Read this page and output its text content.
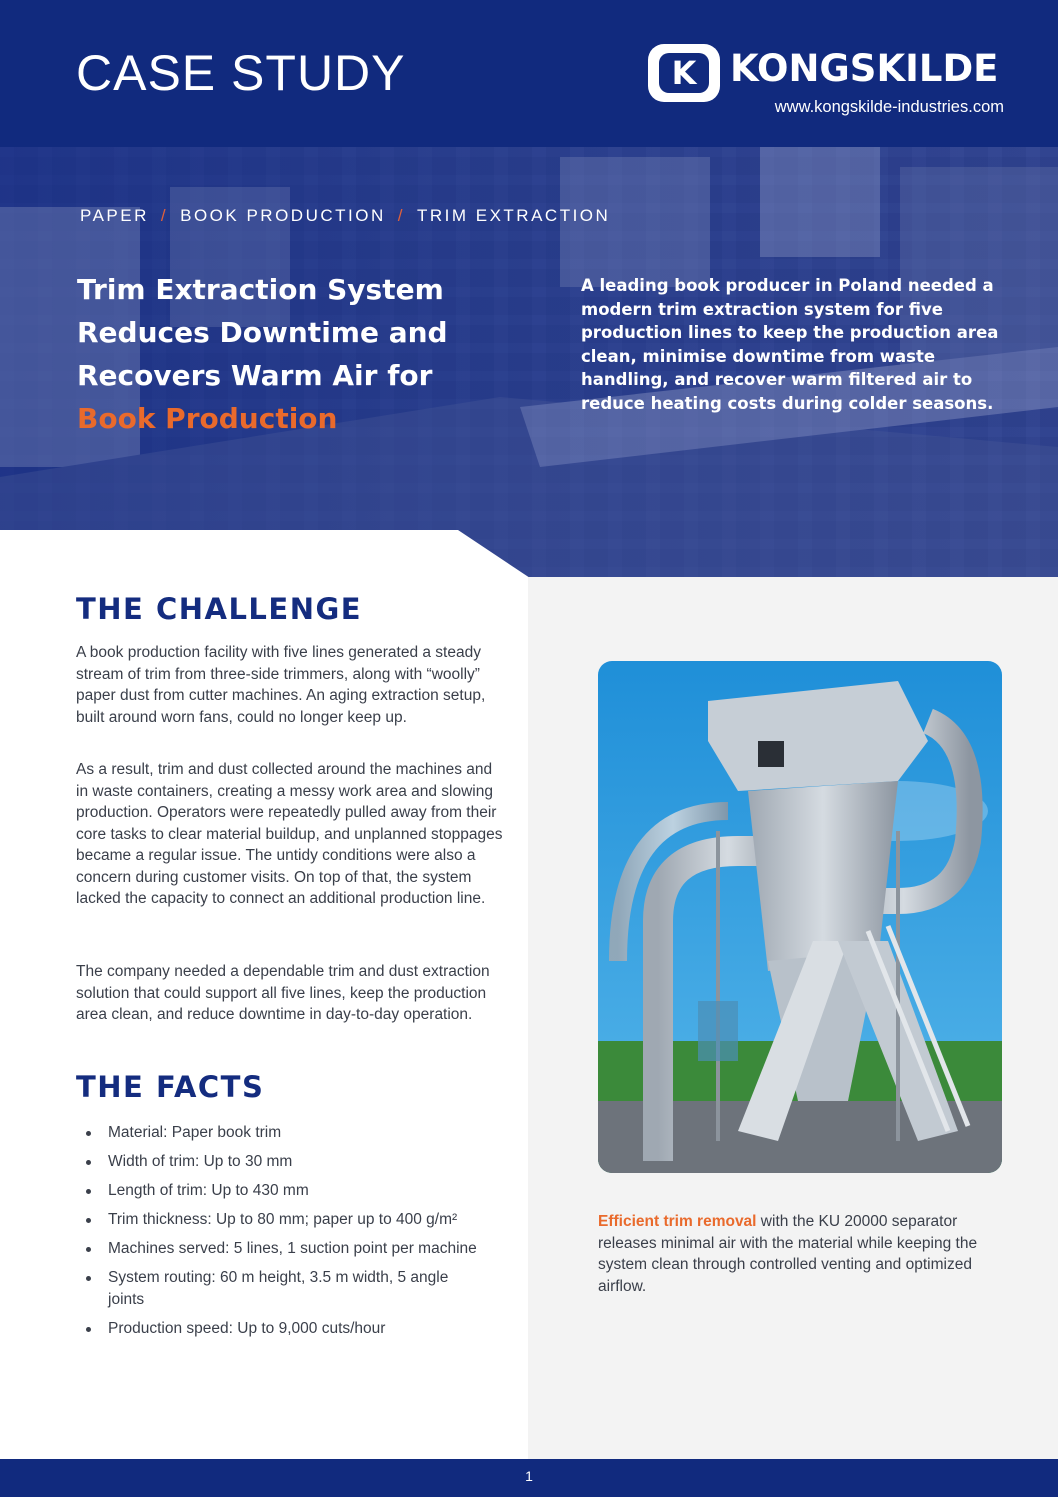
CASE STUDY	K KONGSKILDE

www.kongskilde-industries.com

PAPER / BOOK PRODUCTION / TRIM EXTRACTION

Trim Extraction System Reduces Downtime and Recovers Warm Air for
Book Production

A leading book producer in Poland needed a modern trim extraction system for five production lines to keep the production area clean, minimise downtime from waste handling, and recover warm filtered air to reduce heating costs during colder seasons.

THE CHALLENGE

A book production facility with five lines generated a steady stream of trim from three-side trimmers, along with “woolly” paper dust from cutter machines. An aging extraction setup, built around worn fans, could no longer keep up.

As a result, trim and dust collected around the machines and in waste containers, creating a messy work area and slowing production. Operators were repeatedly pulled away from their core tasks to clear material buildup, and unplanned stoppages became a regular issue. The untidy conditions were also a concern during customer visits. On top of that, the system lacked the capacity to connect an additional production line.

The company needed a dependable trim and dust extraction solution that could support all five lines, keep the production area clean, and reduce downtime in day-to-day operation.

THE FACTS
Material: Paper book trim
Width of trim: Up to 30 mm
Length of trim: Up to 430 mm
Trim thickness: Up to 80 mm; paper up to 400 g/m²
Machines served: 5 lines, 1 suction point per machine
System routing: 60 m height, 3.5 m width, 5 angle joints
Production speed: Up to 9,000 cuts/hour

Efficient trim removal with the KU 20000 separator releases minimal air with the material while keeping the system clean through controlled venting and optimized airflow.

1
